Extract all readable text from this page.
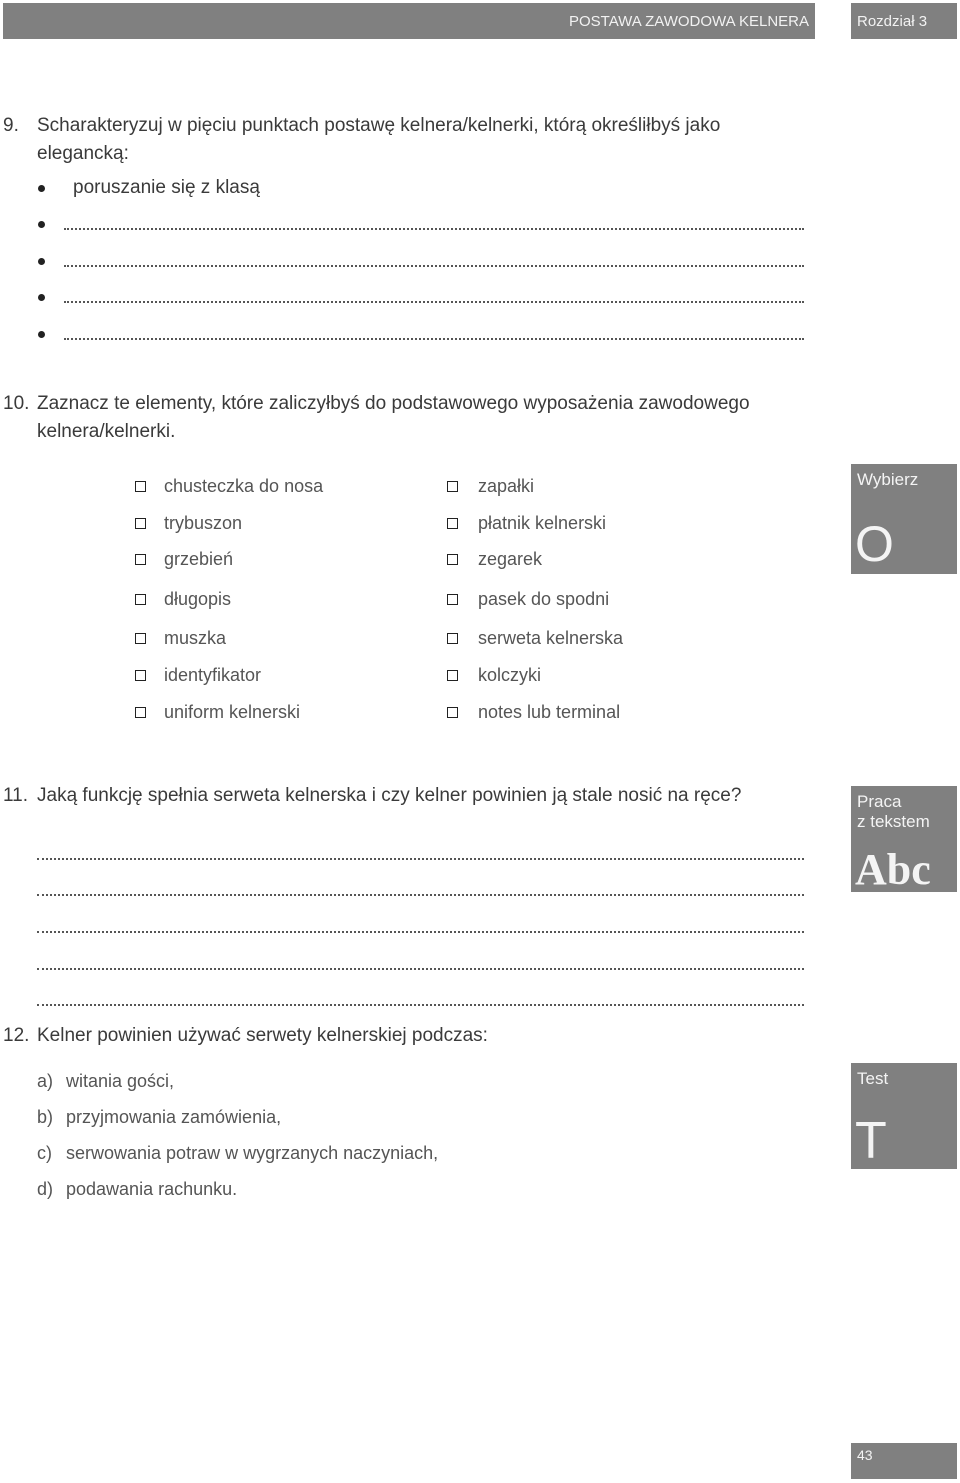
POSTAWA ZAWODOWA KELNERA	Rozdział 3
9. Scharakteryzuj w pięciu punktach postawę kelnera/kelnerki, którą określiłbyś jako
elegancką:
poruszanie się z klasą
10. Zaznacz te elementy, które zaliczyłbyś do podstawowego wyposażenia zawodowego
kelnera/kelnerki.
chusteczka do nosa
trybuszon
grzebień
długopis
muszka
identyfikator
uniform kelnerski
zapałki
płatnik kelnerski
zegarek
pasek do spodni
serweta kelnerska
kolczyki
notes lub terminal
Wybierz
O
11. Jaką funkcję spełnia serweta kelnerska i czy kelner powinien ją stale nosić na ręce?	Praca
z tekstem
Abc
12. Kelner powinien używać serwety kelnerskiej podczas:
a) witania gości,
b) przyjmowania zamówienia,
c) serwowania potraw w wygrzanych naczyniach,
d) podawania rachunku.
Test
T
43
